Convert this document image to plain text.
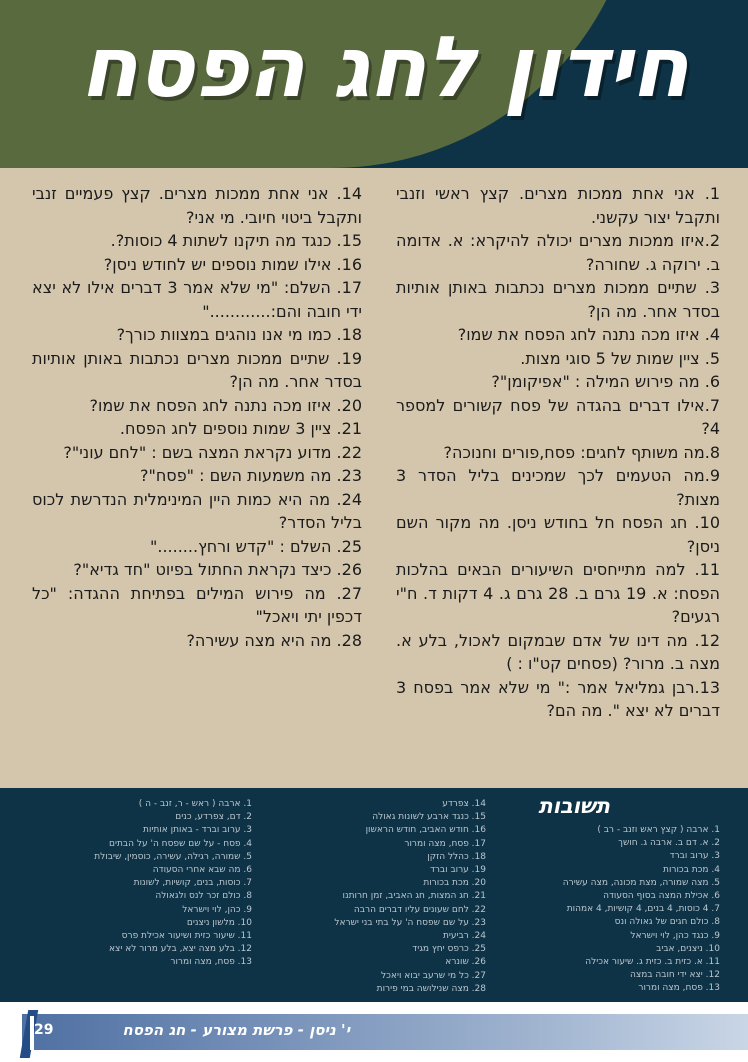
חידון לחג הפסח

1. אני אחת ממכות מצרים. קצץ ראשי וזנבי ותקבל יצור עקשני.

2.איזו ממכות מצרים יכולה להיקרא: א. אדומה ב. ירוקה ג. שחורה?

3. שתיים ממכות מצרים נכתבות באותן אותיות בסדר אחר. מה הן?

4. איזו מכה נתנה לחג הפסח את שמו?

5. ציין שמות של 5 סוגי מצות.

6. מה פירוש המילה : "אפיקומן"?

7.אילו דברים בהגדה של פסח קשורים למספר 4?

8.מה משותף לחגים: פסח,פורים וחנוכה?

9.מה הטעמים לכך שמכינים בליל הסדר 3 מצות?

10. חג הפסח חל בחודש ניסן. מה מקור השם ניסן?

11. למה מתייחסים השיעורים הבאים בהלכות הפסח: א. 19 גרם ב. 28 גרם ג. 4 דקות ד. ח"י רגעים?

12. מה דינו של אדם שבמקום לאכול, בלע א. מצה ב. מרור? (פסחים קט"ו : )

13.רבן גמליאל אמר :" מי שלא אמר בפסח 3 דברים לא יצא ". מה הם?

14. אני אחת ממכות מצרים. קצץ פעמיים זנבי ותקבל ביטוי חיובי. מי אני?

15. כנגד מה תיקנו לשתות 4 כוסות?.

16. אילו שמות נוספים יש לחודש ניסן?

17. השלם: "מי שלא אמר 3 דברים אילו לא יצא ידי חובה והם:............"

18. כמו מי אנו נוהגים במצוות כורך?

19. שתיים ממכות מצרים נכתבות באותן אותיות בסדר אחר. מה הן?

20. איזו מכה נתנה לחג הפסח את שמו?

21. ציין 3 שמות נוספים לחג הפסח.

22. מדוע נקראת המצה בשם : "לחם עוני"?

23. מה משמעות השם : "פסח"?

24. מה היא כמות היין המינימלית הנדרשת לכוס בליל הסדר?

25. השלם : "קדש ורחץ........"

26. כיצד נקראת החתול בפיוט "חד גדיא"?

27. מה פירוש המילים בפתיחת ההגדה: "כל דכפין יתי ויאכל"

28. מה היא מצה עשירה?

תשובות

1. ארבה ( קצץ ראש וזנב - רב )

2. א. דם ב. ארבה ג. חושך

3. ערוב וברד

4. מכת בכורות

5. מצה שמורה, מצת מכונה, מצה עשירה

6. אכילת המצה בסוף הסעודה

7. 4 כוסות, 4 בנים, 4 קושיות, 4 אמהות

8. כולם חגים של גאולה ונס

9. כנגד כהן, לוי וישראל

10. ניצנים, אביב

11. א. כזית ב. כזית ג. שיעור אכילה

12. יצא ידי חובה במצה

13. פסח, מצה ומרור

14. צפרדע

15. כנגד ארבע לשונות גאולה

16. חודש האביב, חודש הראשון

17. פסח, מצה ומרור

18. כהלל הזקן

19. ערוב וברד

20. מכת בכורות

21. חג המצות, חג האביב, זמן חרותנו

22. לחם שעונים עליו דברים הרבה

23. על שם שפסח ה' על בתי בני ישראל

24. רביעית

25. כרפס יחץ מגיד

26. שונרא

27. כל מי שרעב יבוא ויאכל

28. מצה שנילושה במי פירות

1. ארבה ( ראש - ר, זנב - ה )

2. דם, צפרדע, כנים

3. ערוב וברד - באותן אותיות

4. פסח - על שם שפסח ה' על הבתים

5. שמורה, רגילה, עשירה, כוסמין, שיבולת

6. מה שבא אחרי הסעודה

7. כוסות, בנים, קושיות, לשונות

8. כולם זכר לנס ולגאולה

9. כהן, לוי וישראל

10. מלשון ניצנים

11. שיעור כזית ושיעור אכילת פרס

12. בלע מצה יצא, בלע מרור לא יצא

13. פסח, מצה ומרור

29	י' ניסן - פרשת מצורע - חג הפסח
